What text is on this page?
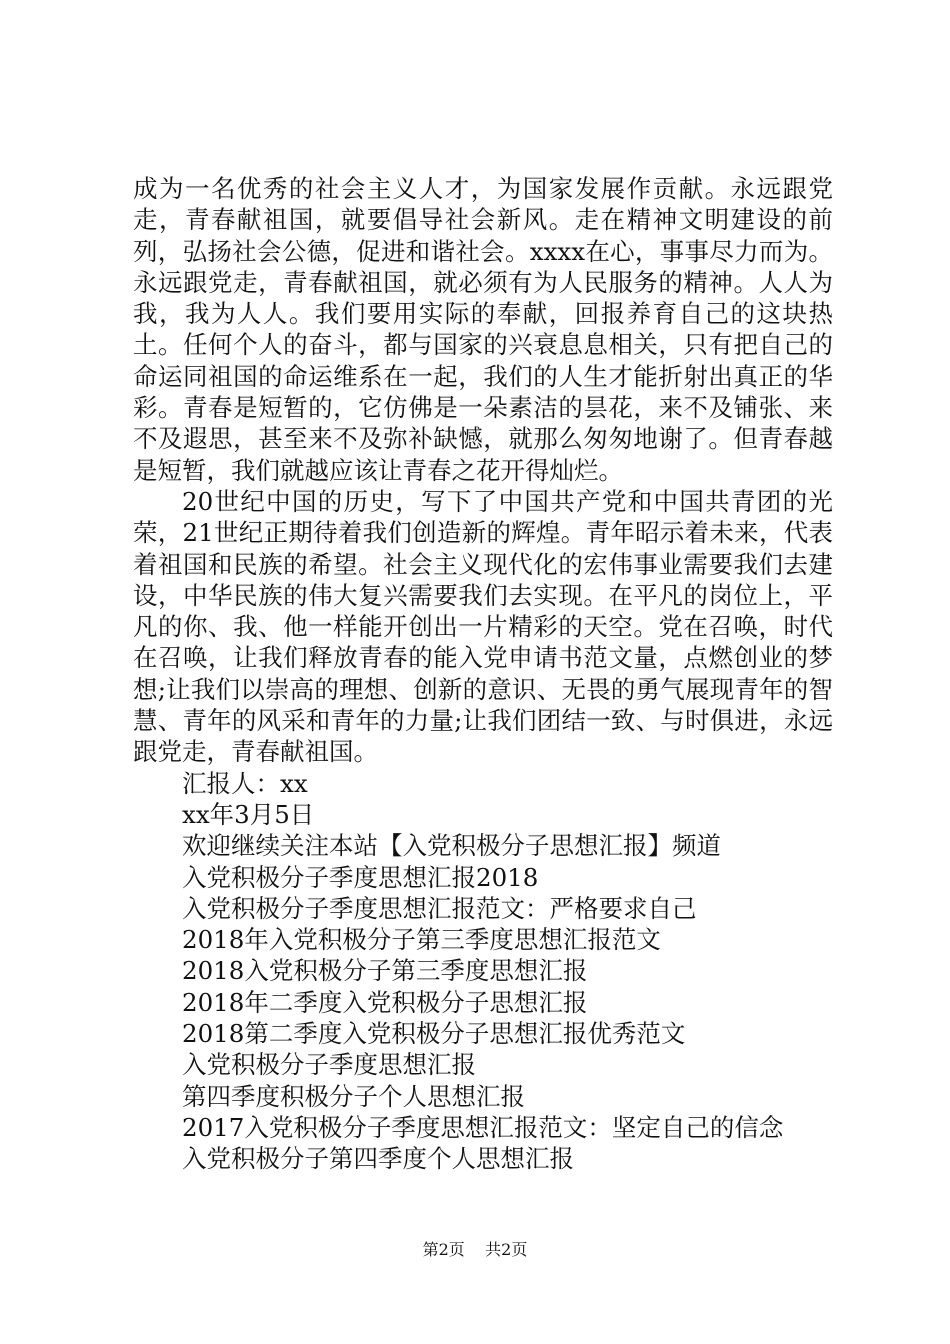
成为一名优秀的社会主义人才，为国家发展作贡献。永远跟党走，青春献祖国，就要倡导社会新风。走在精神文明建设的前列，弘扬社会公德，促进和谐社会。xxxx在心，事事尽力而为。永远跟党走，青春献祖国，就必须有为人民服务的精神。人人为我，我为人人。我们要用实际的奉献，回报养育自己的这块热土。任何个人的奋斗，都与国家的兴衰息息相关，只有把自己的命运同祖国的命运维系在一起，我们的人生才能折射出真正的华彩。青春是短暂的，它仿佛是一朵素洁的昙花，来不及铺张、来不及遐思，甚至来不及弥补缺憾，就那么匆匆地谢了。但青春越是短暂，我们就越应该让青春之花开得灿烂。

20世纪中国的历史，写下了中国共产党和中国共青团的光荣，21世纪正期待着我们创造新的辉煌。青年昭示着未来，代表着祖国和民族的希望。社会主义现代化的宏伟事业需要我们去建设，中华民族的伟大复兴需要我们去实现。在平凡的岗位上，平凡的你、我、他一样能开创出一片精彩的天空。党在召唤，时代在召唤，让我们释放青春的能入党申请书范文量，点燃创业的梦想;让我们以崇高的理想、创新的意识、无畏的勇气展现青年的智慧、青年的风采和青年的力量;让我们团结一致、与时俱进，永远跟党走，青春献祖国。

汇报人：xx

xx年3月5日

欢迎继续关注本站【入党积极分子思想汇报】频道

入党积极分子季度思想汇报2018

入党积极分子季度思想汇报范文：严格要求自己

2018年入党积极分子第三季度思想汇报范文

2018入党积极分子第三季度思想汇报

2018年二季度入党积极分子思想汇报

2018第二季度入党积极分子思想汇报优秀范文

入党积极分子季度思想汇报

第四季度积极分子个人思想汇报

2017入党积极分子季度思想汇报范文：坚定自己的信念

入党积极分子第四季度个人思想汇报

第2页 共2页
